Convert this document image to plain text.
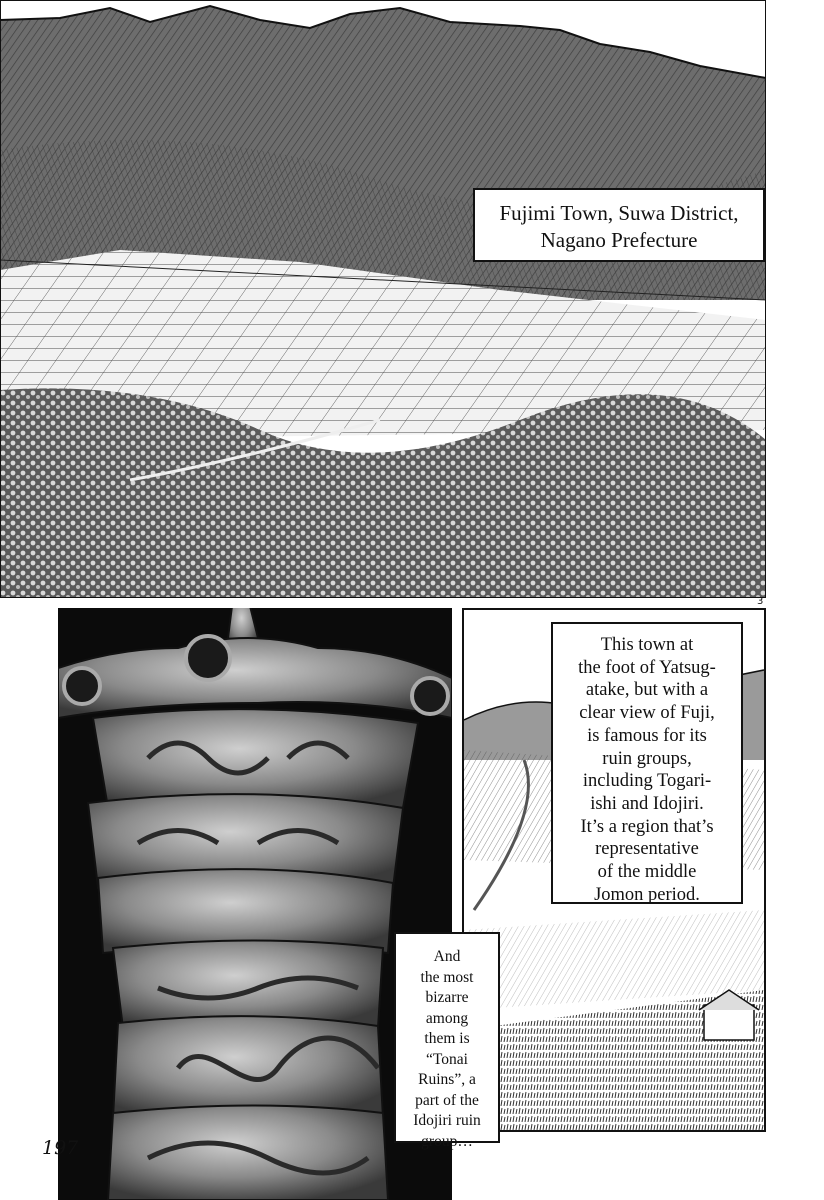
Fujimi Town, Suwa District,
Nagano Prefecture
3
This town at
the foot of Yatsug-
atake, but with a
clear view of Fuji,
is famous for its
ruin groups,
including Togari-
ishi and Idojiri.
It’s a region that’s
representative
of the middle
Jomon period.
And
the most
bizarre
among
them is
“Tonai
Ruins”, a
part of the
Idojiri ruin
group…
197
